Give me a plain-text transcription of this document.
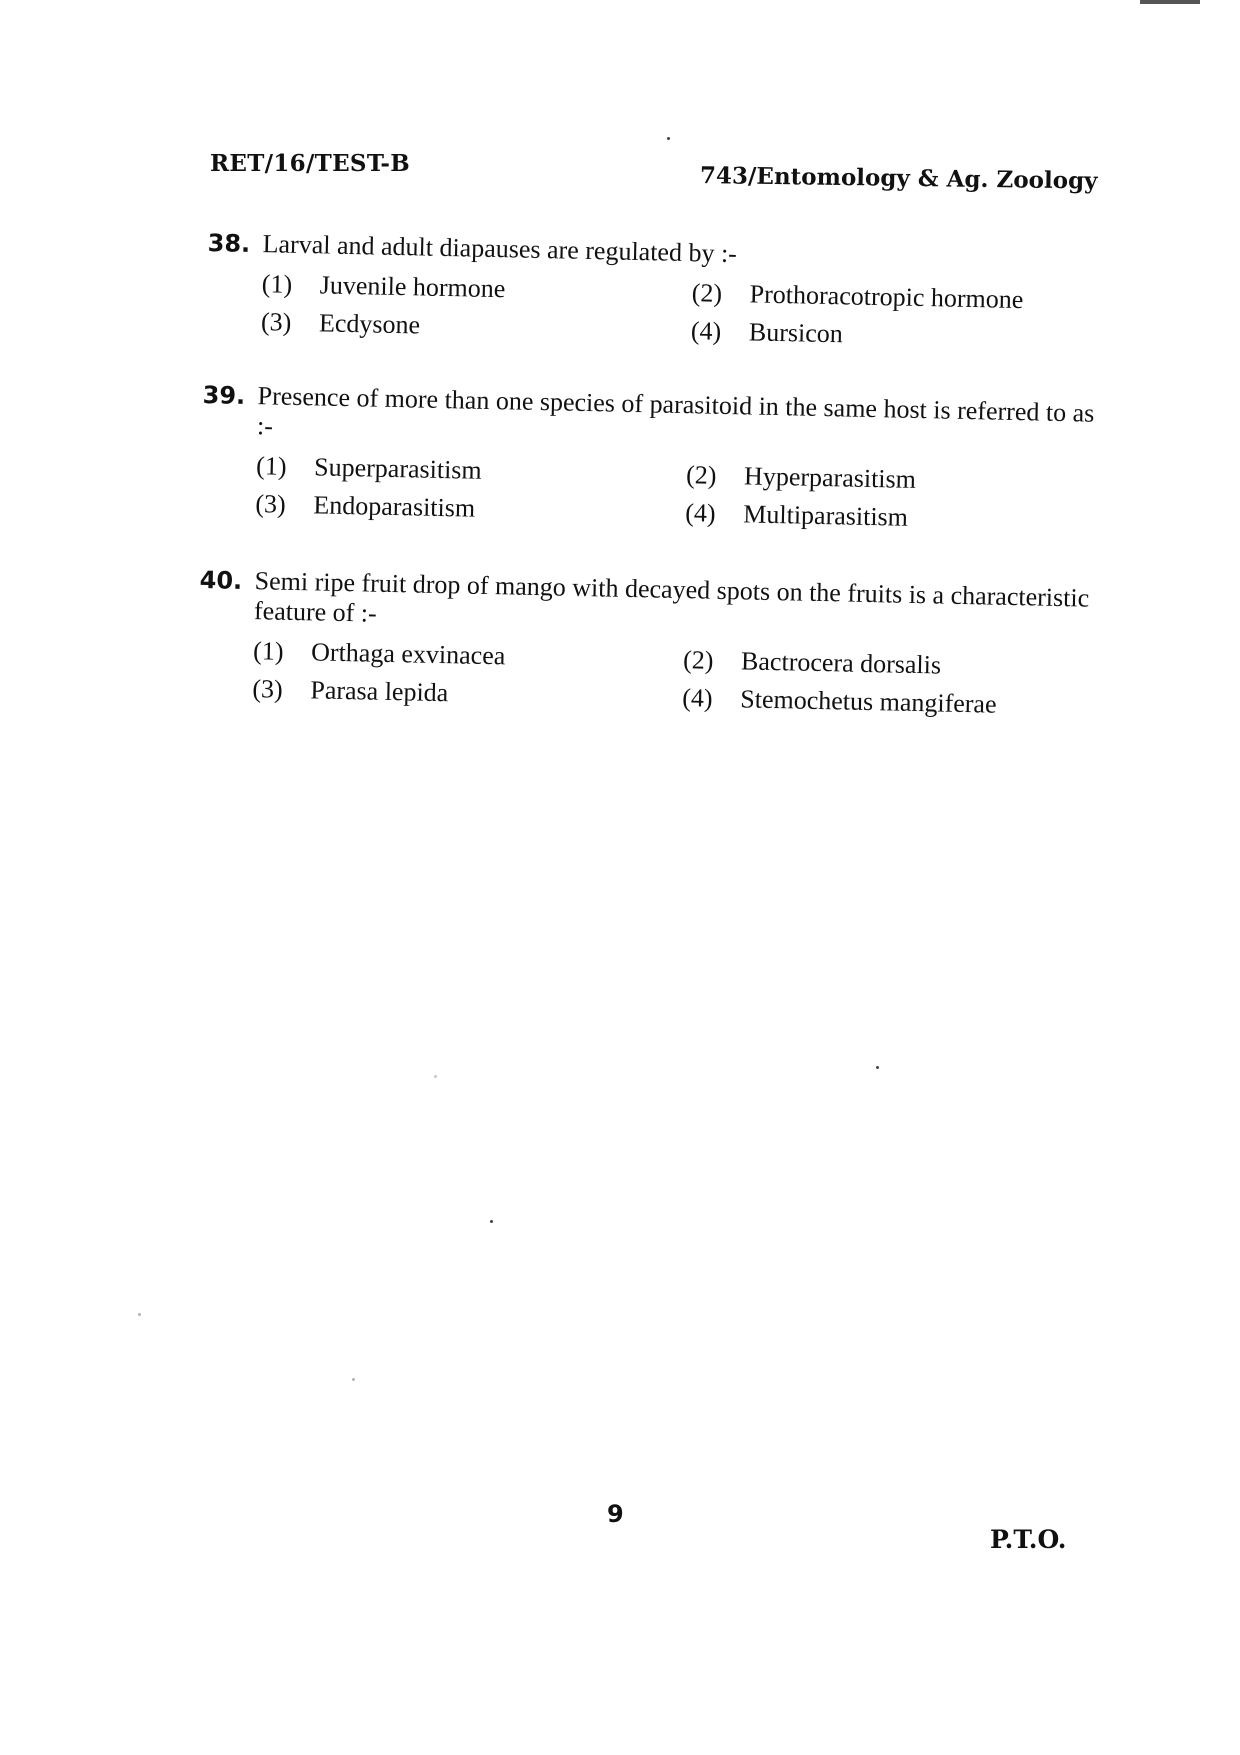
RET/16/TEST-B	743/Entomology & Ag. Zoology
38. Larval and adult diapauses are regulated by :-
(1) Juvenile hormone	(2) Prothoracotropic hormone
(3) Ecdysone	(4) Bursicon
39. Presence of more than one species of parasitoid in the same host is referred to as :-
(1) Superparasitism	(2) Hyperparasitism
(3) Endoparasitism	(4) Multiparasitism
40. Semi ripe fruit drop of mango with decayed spots on the fruits is a characteristic feature of :-
(1) Orthaga exvinacea	(2) Bactrocera dorsalis
(3) Parasa lepida	(4) Stemochetus mangiferae
9
P.T.O.
